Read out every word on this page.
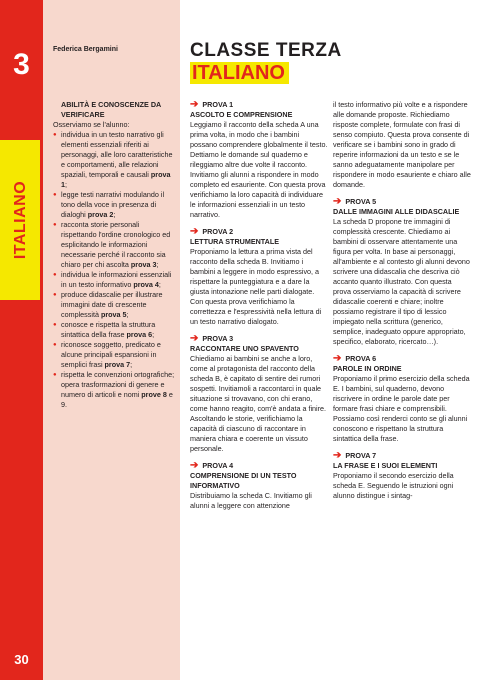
3
ITALIANO
30
Federica Bergamini
ABILITÀ E CONOSCENZE DA VERIFICARE

Osserviamo se l'alunno:

● individua in un testo narrativo gli elementi essenziali riferiti ai personaggi, alle loro caratteristiche e comportamenti, alle relazioni spaziali, temporali e causali prova 1;
● legge testi narrativi modulando il tono della voce in presenza di dialoghi prova 2;
● racconta storie personali rispettando l'ordine cronologico ed esplicitando le informazioni necessarie perché il racconto sia chiaro per chi ascolta prova 3;
● individua le informazioni essenziali in un testo informativo prova 4;
● produce didascalie per illustrare immagini date di crescente complessità prova 5;
● conosce e rispetta la struttura sintattica della frase prova 6;
● riconosce soggetto, predicato e alcune principali espansioni in semplici frasi prova 7;
● rispetta le convenzioni ortografiche; opera trasformazioni di genere e numero di articoli e nomi prove 8 e 9.
CLASSE TERZA
ITALIANO
➔ PROVA 1
ASCOLTO E COMPRENSIONE

Leggiamo il racconto della scheda A una prima volta, in modo che i bambini possano comprendere globalmente il testo. Dettiamo le domande sul quaderno e rileggiamo altre due volte il racconto. Invitiamo gli alunni a rispondere in modo completo ed esauriente. Con questa prova verifichiamo la loro capacità di individuare le informazioni essenziali in un testo narrativo.

➔ PROVA 2
LETTURA STRUMENTALE

Proponiamo la lettura a prima vista del racconto della scheda B. Invitiamo i bambini a leggere in modo espressivo, a rispettare la punteggiatura e a dare la giusta intonazione nelle parti dialogate. Con questa prova verifichiamo la correttezza e l'espressività nella lettura di un testo narrativo dialogato.

➔ PROVA 3
RACCONTARE UNO SPAVENTO

Chiediamo ai bambini se anche a loro, come al protagonista del racconto della scheda B, è capitato di sentire dei rumori sospetti. Invitiamoli a raccontarci in quale situazione si trovavano, con chi erano, come hanno reagito, com'è andata a finire. Ascoltando le storie, verifichiamo la capacità di ciascuno di raccontare in maniera chiara e coerente un vissuto personale.

➔ PROVA 4
COMPRENSIONE DI UN TESTO INFORMATIVO

Distribuiamo la scheda C. Invitiamo gli alunni a leggere con attenzione

il testo informativo più volte e a rispondere alle domande proposte. Richiediamo risposte complete, formulate con frasi di senso compiuto. Questa prova consente di verificare se i bambini sono in grado di reperire informazioni da un testo e se le sanno adeguatamente manipolare per rispondere in modo esauriente e chiaro alle domande.

➔ PROVA 5
DALLE IMMAGINI ALLE DIDASCALIE

La scheda D propone tre immagini di complessità crescente. Chiediamo ai bambini di osservare attentamente una figura per volta. In base ai personaggi, all'ambiente e al contesto gli alunni devono scrivere una didascalia che descriva ciò accanto quanto illustrato. Con questa prova osserviamo la capacità di scrivere didascalie coerenti e chiare; inoltre possiamo registrare il tipo di lessico impiegato nella scrittura (generico, semplice, inadeguato oppure appropriato, specifico, elaborato, ricercato…).

➔ PROVA 6
PAROLE IN ORDINE

Proponiamo il primo esercizio della scheda E. I bambini, sul quaderno, devono riscrivere in ordine le parole date per formare frasi chiare e comprensibili. Possiamo così renderci conto se gli alunni conoscono e rispettano la struttura sintattica della frase.

➔ PROVA 7
LA FRASE E I SUOI ELEMENTI

Proponiamo il secondo esercizio della scheda E. Seguendo le istruzioni ogni alunno distingue i sintag-
